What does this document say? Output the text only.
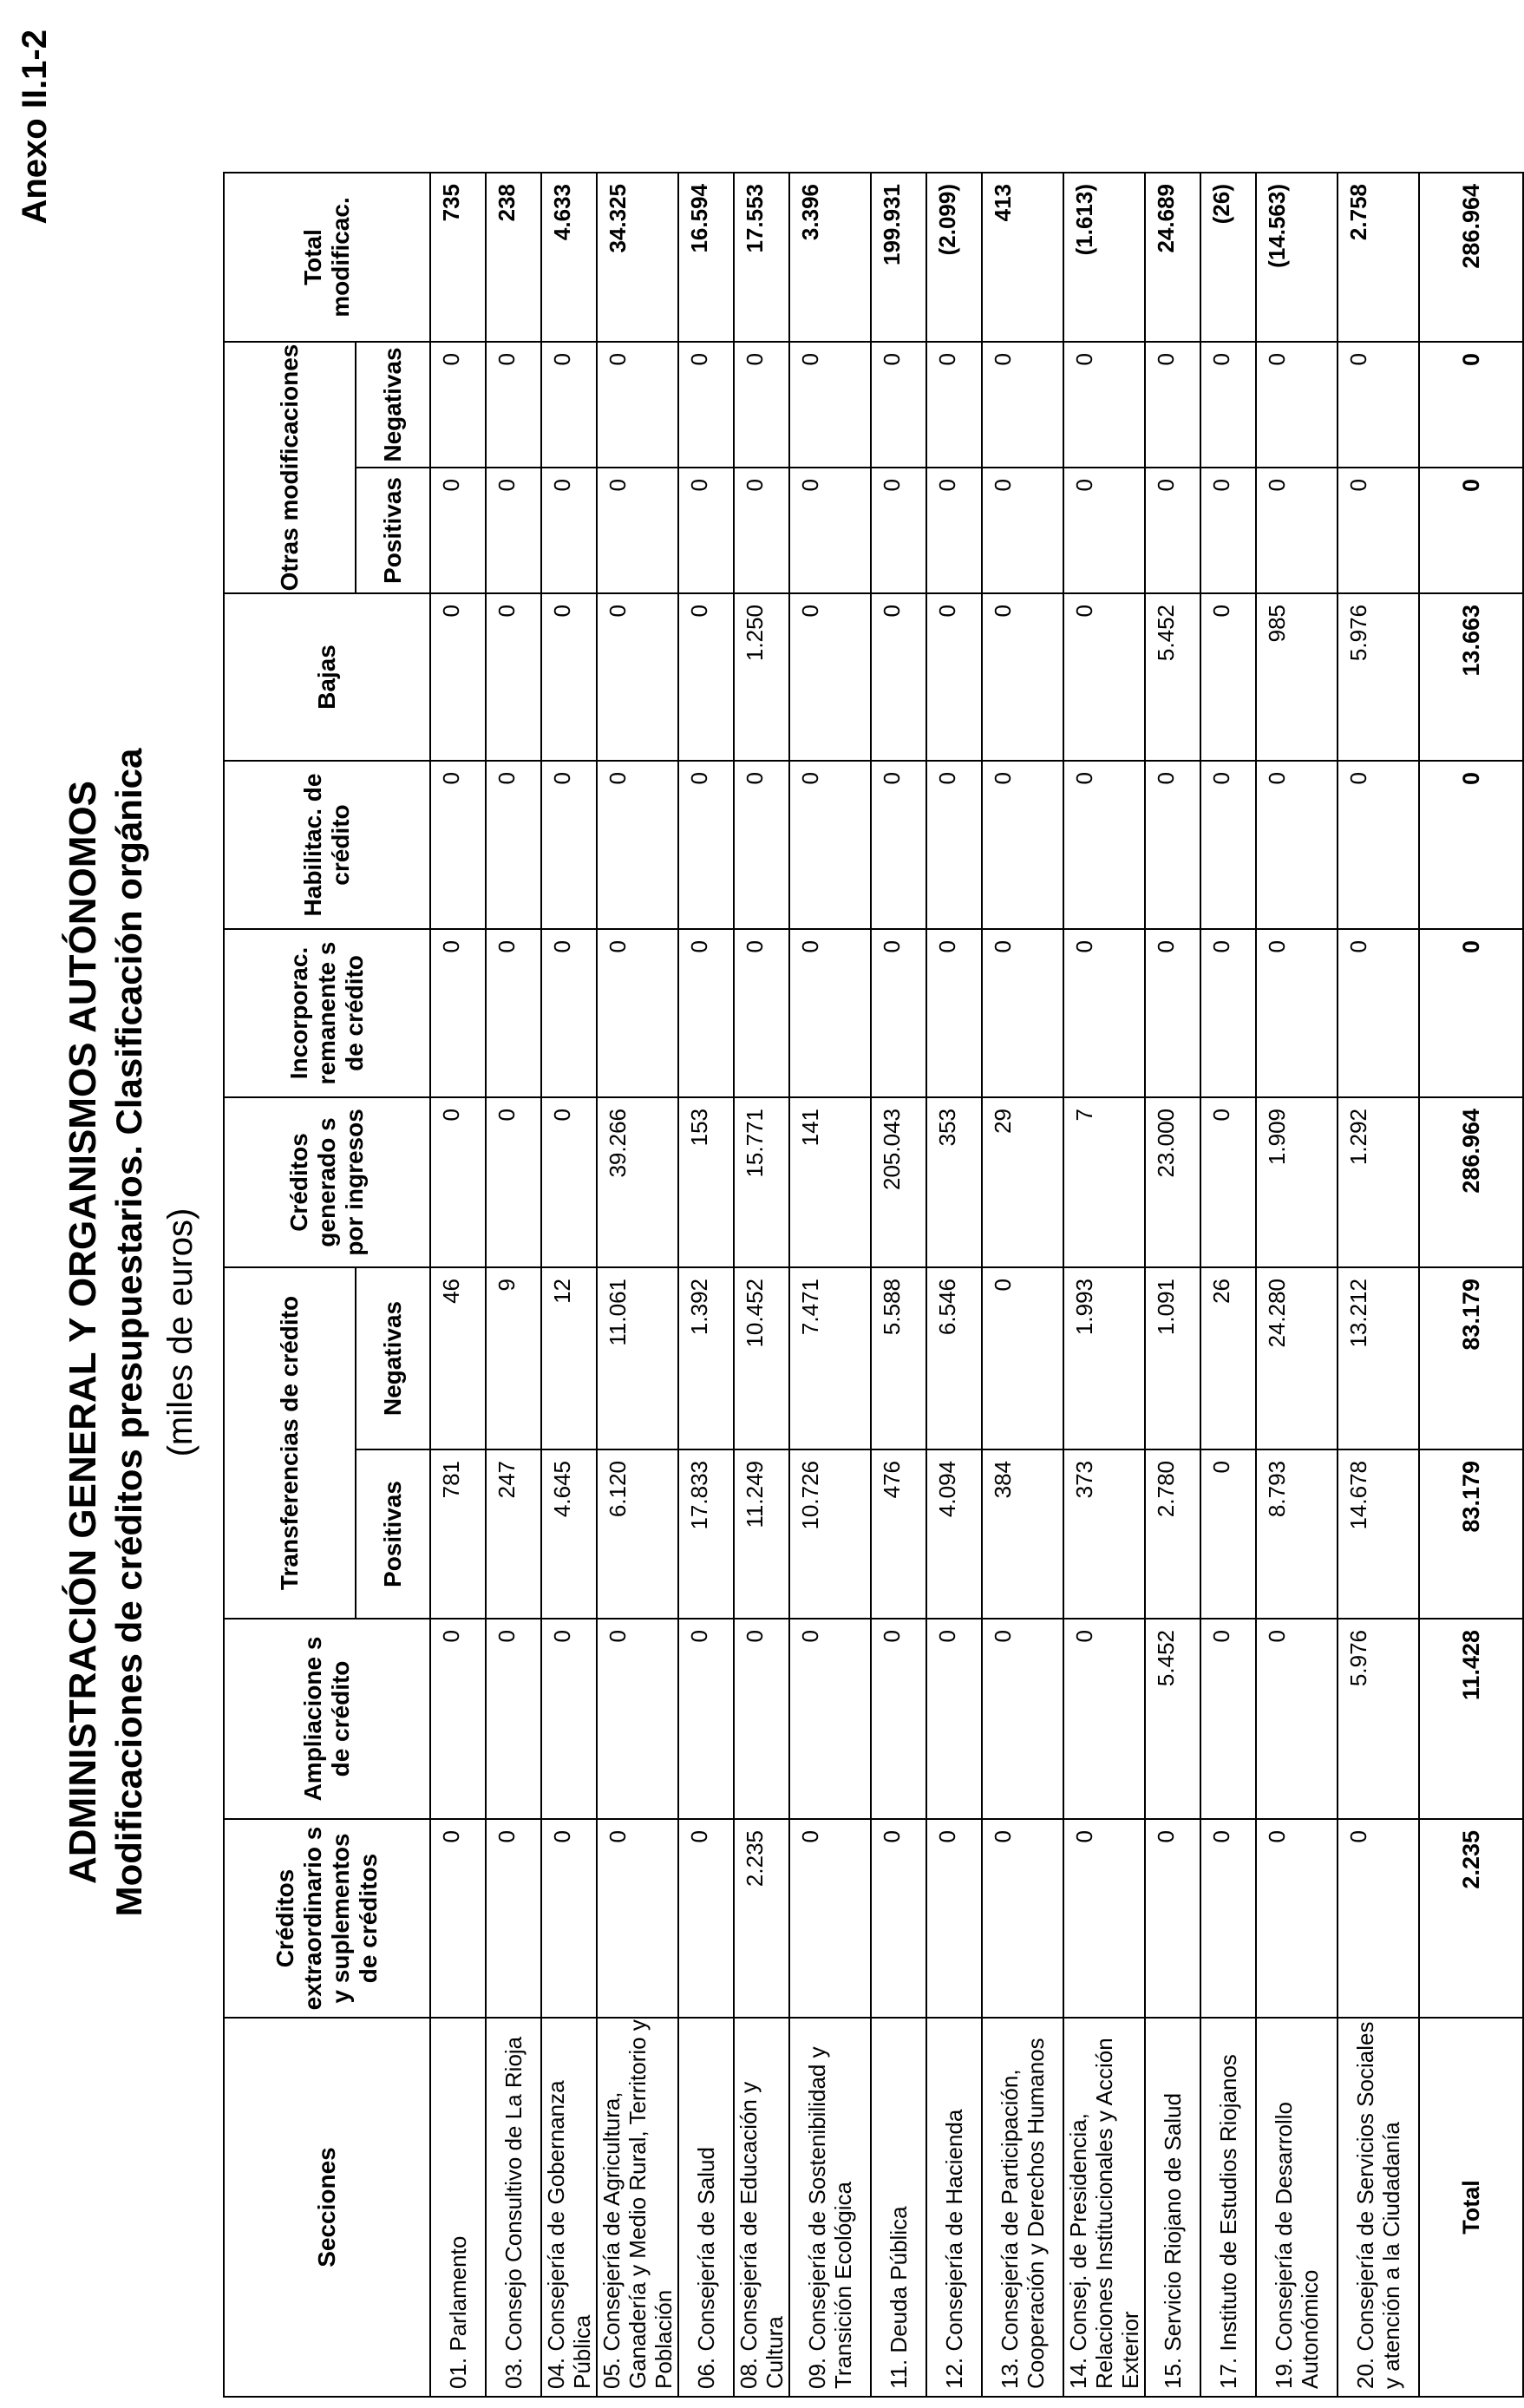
Anexo II.1-2
ADMINISTRACIÓN GENERAL Y ORGANISMOS AUTÓNOMOS Modificaciones de créditos presupuestarios. Clasificación orgánica (miles de euros)
Secciones	Créditos extraordinario s y suplementos de créditos	Ampliacione s de crédito	Transferencias de crédito		Créditos generado s por ingresos	Incorporac. remanente s de crédito	Habilitac. de crédito	Bajas	Otras modificaciones		Total modificac.
			Positivas	Negativas					Positivas	Negativas	
01. Parlamento	0	0	781	46	0	0	0	0	0	0	735
03. Consejo Consultivo de La Rioja	0	0	247	9	0	0	0	0	0	0	238
04. Consejería de Gobernanza Pública	0	0	4.645	12	0	0	0	0	0	0	4.633
05. Consejería de Agricultura, Ganadería y Medio Rural, Territorio y Población	0	0	6.120	11.061	39.266	0	0	0	0	0	34.325
06. Consejería de Salud	0	0	17.833	1.392	153	0	0	0	0	0	16.594
08. Consejería de Educación y Cultura	2.235	0	11.249	10.452	15.771	0	0	1.250	0	0	17.553
09. Consejería de Sostenibilidad y Transición Ecológica	0	0	10.726	7.471	141	0	0	0	0	0	3.396
11. Deuda Pública	0	0	476	5.588	205.043	0	0	0	0	0	199.931
12. Consejería de Hacienda	0	0	4.094	6.546	353	0	0	0	0	0	(2.099)
13. Consejería de Participación, Cooperación y Derechos Humanos	0	0	384	0	29	0	0	0	0	0	413
14. Consej. de Presidencia, Relaciones Institucionales y Acción Exterior	0	0	373	1.993	7	0	0	0	0	0	(1.613)
15. Servicio Riojano de Salud	0	5.452	2.780	1.091	23.000	0	0	5.452	0	0	24.689
17. Instituto de Estudios Riojanos	0	0	0	26	0	0	0	0	0	0	(26)
19. Consejería de Desarrollo Autonómico	0	0	8.793	24.280	1.909	0	0	985	0	0	(14.563)
20. Consejería de Servicios Sociales y atención a la Ciudadanía	0	5.976	14.678	13.212	1.292	0	0	5.976	0	0	2.758
Total	2.235	11.428	83.179	83.179	286.964	0	0	13.663	0	0	286.964
